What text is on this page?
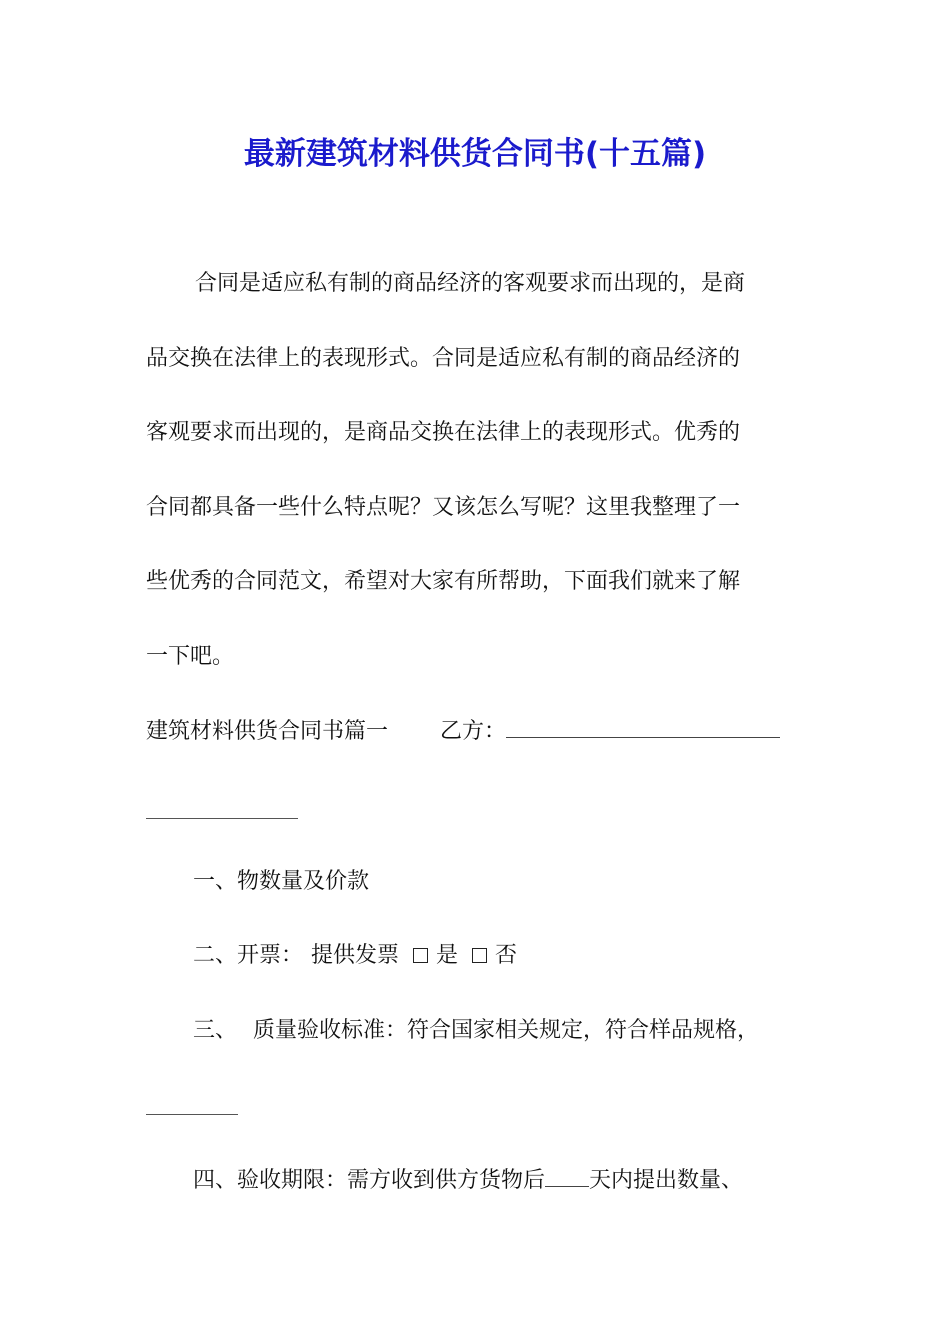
最新建筑材料供货合同书(十五篇)

合同是适应私有制的商品经济的客观要求而出现的，是商

品交换在法律上的表现形式。合同是适应私有制的商品经济的

客观要求而出现的，是商品交换在法律上的表现形式。优秀的

合同都具备一些什么特点呢？又该怎么写呢？这里我整理了一

些优秀的合同范文，希望对大家有所帮助，下面我们就来了解

一下吧。

建筑材料供货合同书篇一 乙方：

一、物数量及价款

二、开票： 提供发票 是 否

三、 质量验收标准：符合国家相关规定，符合样品规格，

四、验收期限：需方收到供方货物后 天内提出数量、
